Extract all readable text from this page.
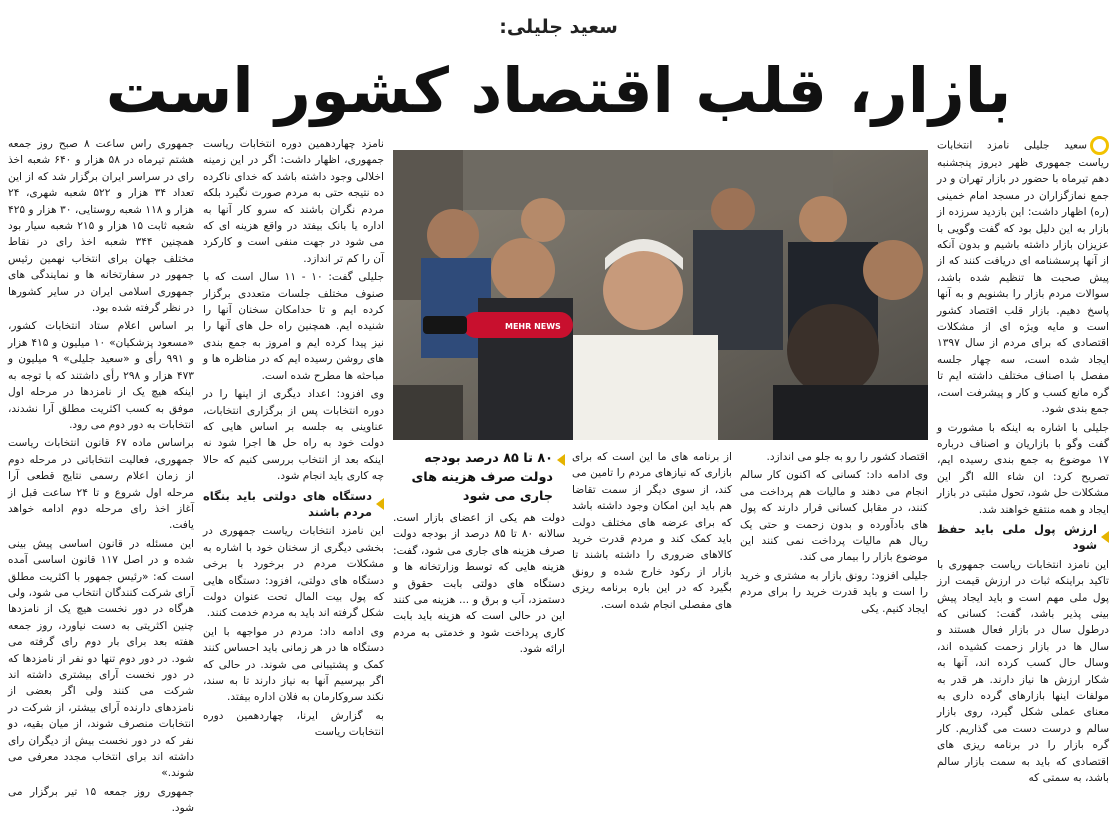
سعید جلیلی:
بازار، قلب اقتصاد کشور است

سعید جلیلی نامزد انتخابات ریاست جمهوری ظهر دیروز پنجشنبه دهم تیرماه با حضور در بازار تهران و در جمع نمازگزاران در مسجد امام خمینی (ره) اظهار داشت: این بازدید سرزده از بازار به این دلیل بود که گفت وگویی با عزیزان بازار داشته باشیم و بدون آنکه از آنها پرسشنامه ای دریافت کنند که از پیش صحبت ها تنظیم شده باشد، سوالات مردم بازار را بشنویم و به آنها پاسخ دهیم. بازار قلب اقتصاد کشور است و مایه ویژه ای از مشکلات اقتصادی که برای مردم از سال ۱۳۹۷ ایجاد شده است، سه چهار جلسه مفصل با اصناف مختلف داشته ایم تا گره مانع کسب و کار و پیشرفت است، جمع بندی شود.

جلیلی با اشاره به اینکه با مشورت و گفت وگو با بازاریان و اصناف درباره ۱۷ موضوع به جمع بندی رسیده ایم، تصریح کرد: ان شاء الله اگر این مشکلات حل شود، تحول مثبتی در بازار ایجاد و همه منتفع خواهند شد.

ارزش پول ملی باید حفظ شود

این نامزد انتخابات ریاست جمهوری با تاکید براینکه ثبات در ارزش قیمت ارز پول ملی مهم است و باید ایجاد پیش بینی پذیر باشد، گفت: کسانی که درطول سال در بازار فعال هستند و سال ها در بازار زحمت کشیده اند، وسال حال کسب کرده اند، آنها به شکار ارزش ها نیاز دارند. هر قدر به مولفات اینها بازارهای گرده داری به معنای عملی شکل گیرد، روی بازار سالم و درست دست می گذاریم. کار گره بازار را در برنامه ریزی های اقتصادی که باید به سمت بازار سالم باشد، به سمتی که

MEHR NEWS

اقتصاد کشور را رو به جلو می اندازد.

وی ادامه داد: کسانی که اکنون کار سالم انجام می دهند و مالیات هم پرداخت می کنند، در مقابل کسانی قرار دارند که پول های بادآورده و بدون زحمت و حتی یک ریال هم مالیات پرداخت نمی کنند این موضوع بازار را بیمار می کند.

جلیلی افزود: رونق بازار به مشتری و خرید را است و باید قدرت خرید را برای مردم ایجاد کنیم. یکی

از برنامه های ما این است که برای بازاری که نیازهای مردم را تامین می کند، از سوی دیگر از سمت تقاضا هم باید این امکان وجود داشته باشد که برای عرضه های مختلف دولت باید کمک کند و مردم قدرت خرید کالاهای ضروری را داشته باشند تا بازار از رکود خارج شده و رونق بگیرد که در این باره برنامه ریزی های مفصلی انجام شده است.

۸۰ تا ۸۵ درصد بودجه دولت صرف هزینه های جاری می شود
دولت هم یکی از اعضای بازار است. سالانه ۸۰ تا ۸۵ درصد از بودجه دولت صرف هزینه های جاری می شود، گفت: هزینه هایی که توسط وزارتخانه ها و دستگاه های دولتی بابت حقوق و دستمزد، آب و برق و ... هزینه می کنند این در حالی است که هزینه باید بابت کاری پرداخت شود و خدمتی به مردم ارائه شود.

نامزد چهاردهمین دوره انتخابات ریاست جمهوری، اظهار داشت: اگر در این زمینه اخلالی وجود داشته باشد که خدای ناکرده ده نتیجه حتی به مردم صورت نگیرد بلکه مردم نگران باشند که سرو کار آنها به اداره یا بانک بیفتد در واقع هزینه ای که می شود در جهت منفی است و کارکرد آن را کم تر اندازد.

جلیلی گفت: ۱۰ - ۱۱ سال است که با صنوف مختلف جلسات متعددی برگزار کرده ایم و تا حدامکان سخنان آنها را شنیده ایم. همچنین راه حل های آنها را نیز پیدا کرده ایم و امروز به جمع بندی های روشن رسیده ایم که در مناظره ها و مباحثه ها مطرح شده است.

وی افزود: اعداد دیگری از اینها را در دوره انتخابات پس از برگزاری انتخابات، عناوینی به جلسه بر اساس هایی که دولت خود به راه حل ها اجرا شود نه اینکه بعد از انتخاب بررسی کنیم که حالا چه کاری باید انجام شود.

دستگاه های دولتی باید بنگاه مردم باشند

این نامزد انتخابات ریاست جمهوری در بخشی دیگری از سخنان خود با اشاره به مشکلات مردم در برخورد با برخی دستگاه های دولتی، افزود: دستگاه هایی که پول بیت المال تحت عنوان دولت شکل گرفته اند باید به مردم خدمت کنند.

وی ادامه داد: مردم در مواجهه با این دستگاه ها در هر زمانی باید احساس کنند کمک و پشتیبانی می شوند. در حالی که اگر بپرسیم آنها به نیاز دارند تا به سند، نکند سروکارمان به فلان اداره بیفتد.

به گزارش ایرنا، چهاردهمین دوره انتخابات ریاست

جمهوری راس ساعت ۸ صبح روز جمعه هشتم تیرماه در ۵۸ هزار و ۶۴۰ شعبه اخذ رای در سراسر ایران برگزار شد که از این تعداد ۳۴ هزار و ۵۲۲ شعبه شهری، ۲۴ هزار و ۱۱۸ شعبه روستایی، ۳۰ هزار و ۴۲۵ شعبه ثابت ۱۵ هزار و ۲۱۵ شعبه سیار بود همچنین ۳۴۴ شعبه اخذ رای در نقاط مختلف جهان برای انتخاب نهمین رئیس جمهور در سفارتخانه ها و نمایندگی های جمهوری اسلامی ایران در سایر کشورها در نظر گرفته شده بود.

بر اساس اعلام ستاد انتخابات کشور، «مسعود پزشکیان» ۱۰ میلیون و ۴۱۵ هزار و ۹۹۱ رأی و «سعید جلیلی» ۹ میلیون و ۴۷۳ هزار و ۲۹۸ رأی داشتند که با توجه به اینکه هیچ یک از نامزدها در مرحله اول موفق به کسب اکثریت مطلق آرا نشدند، انتخابات به دور دوم می رود.

براساس ماده ۶۷ قانون انتخابات ریاست جمهوری، فعالیت انتخاباتی در مرحله دوم از زمان اعلام رسمی نتایج قطعی آرا مرحله اول شروع و تا ۲۴ ساعت قبل از آغاز اخذ رای مرحله دوم ادامه خواهد یافت.

این مسئله در قانون اساسی پیش بینی شده و در اصل ۱۱۷ قانون اساسی آمده است که: «رئیس جمهور با اکثریت مطلق آرای شرکت کنندگان انتخاب می شود، ولی هرگاه در دور نخست هیچ یک از نامزدها چنین اکثریتی به دست نیاورد، روز جمعه هفته بعد برای بار دوم رای گرفته می شود. در دور دوم تنها دو نفر از نامزدها که در دور نخست آرای بیشتری داشته اند شرکت می کنند ولی اگر بعضی از نامزدهای دارنده آرای بیشتر، از شرکت در انتخابات منصرف شوند، از میان بقیه، دو نفر که در دور نخست بیش از دیگران رای داشته اند برای انتخاب مجدد معرفی می شوند.»

جمهوری روز جمعه ۱۵ تیر برگزار می شود.
